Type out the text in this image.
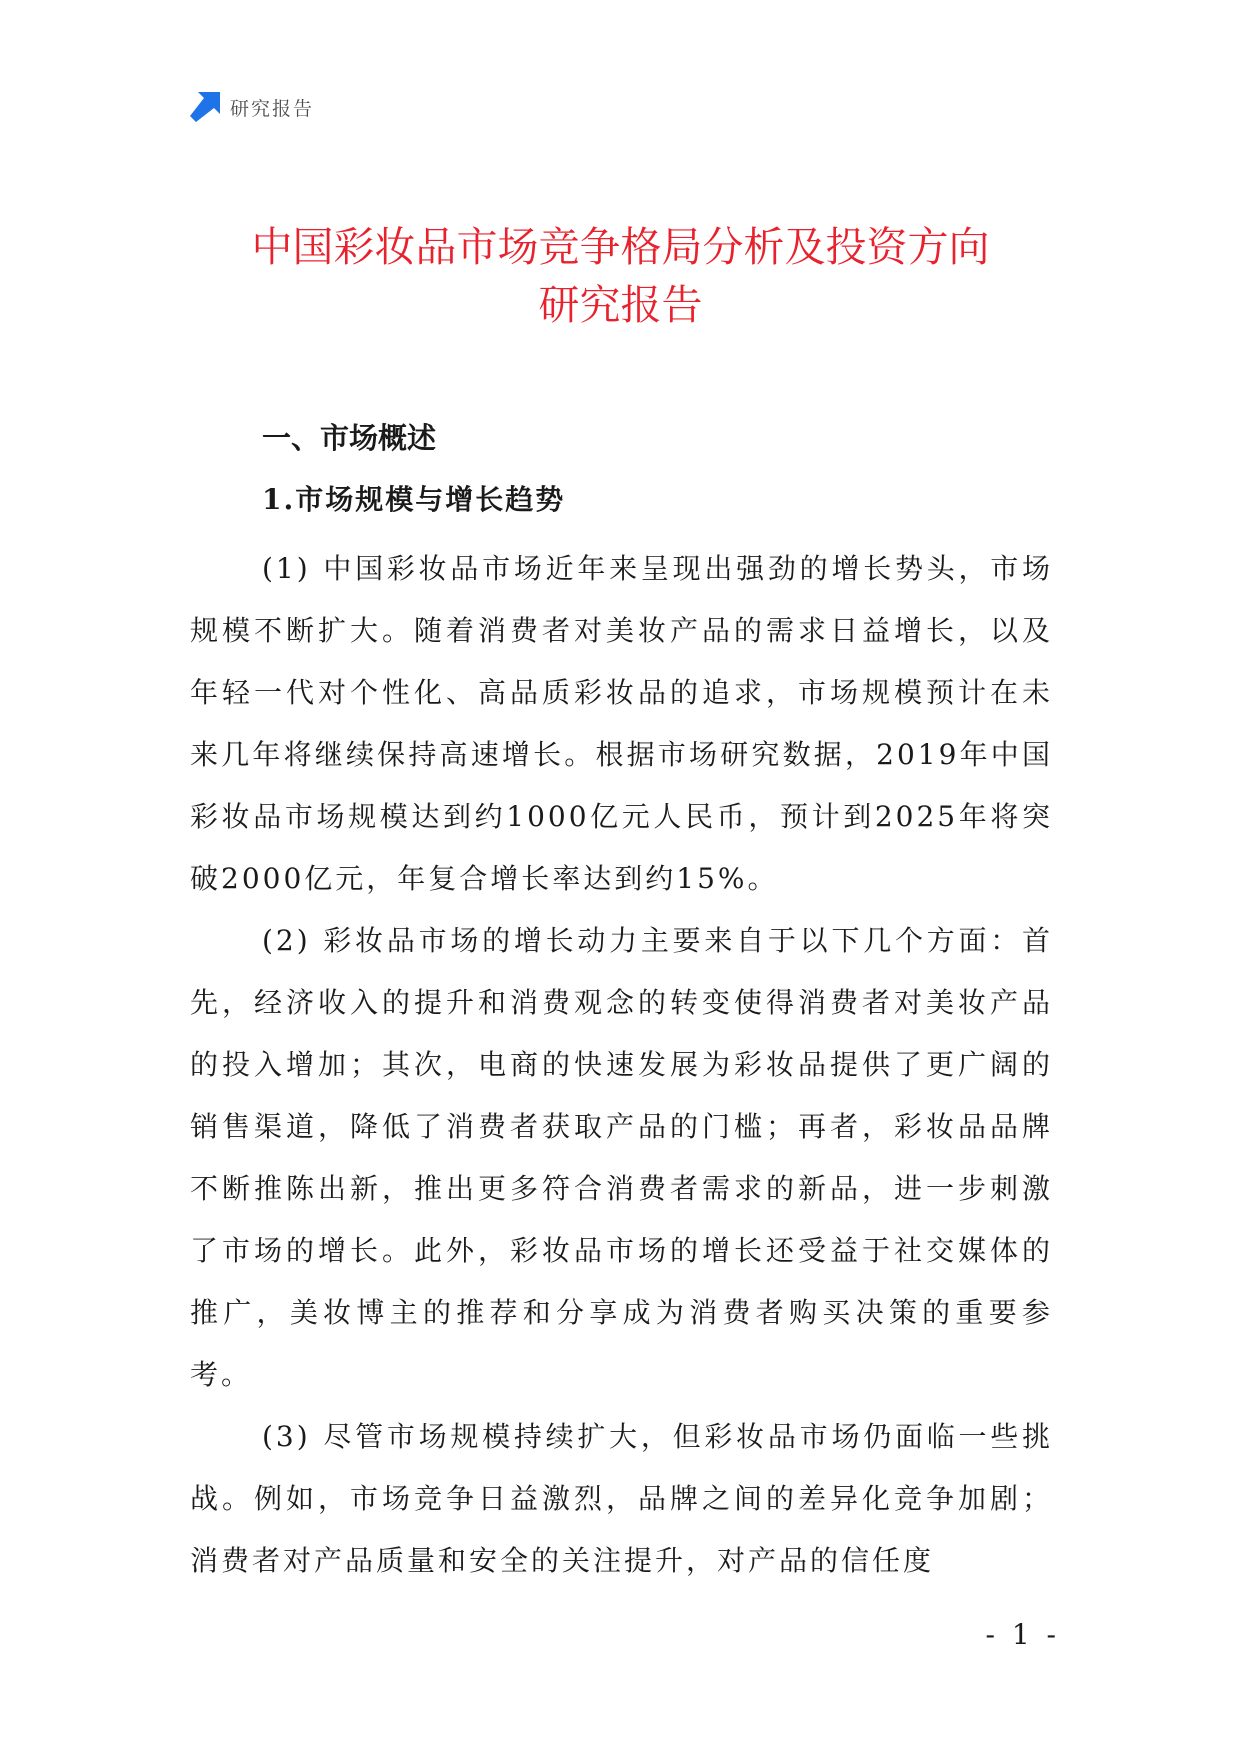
研究报告
中国彩妆品市场竞争格局分析及投资方向
研究报告
一、市场概述
1.市场规模与增长趋势

(1) 中国彩妆品市场近年来呈现出强劲的增长势头，市场规模不断扩大。随着消费者对美妆产品的需求日益增长，以及年轻一代对个性化、高品质彩妆品的追求，市场规模预计在未来几年将继续保持高速增长。根据市场研究数据，2019年中国彩妆品市场规模达到约1000亿元人民币，预计到2025年将突破2000亿元，年复合增长率达到约15%。

(2) 彩妆品市场的增长动力主要来自于以下几个方面：首先，经济收入的提升和消费观念的转变使得消费者对美妆产品的投入增加；其次，电商的快速发展为彩妆品提供了更广阔的销售渠道，降低了消费者获取产品的门槛；再者，彩妆品品牌不断推陈出新，推出更多符合消费者需求的新品，进一步刺激了市场的增长。此外，彩妆品市场的增长还受益于社交媒体的推广，美妆博主的推荐和分享成为消费者购买决策的重要参考。

(3) 尽管市场规模持续扩大，但彩妆品市场仍面临一些挑战。例如，市场竞争日益激烈，品牌之间的差异化竞争加剧；消费者对产品质量和安全的关注提升，对产品的信任度

- 1 -
